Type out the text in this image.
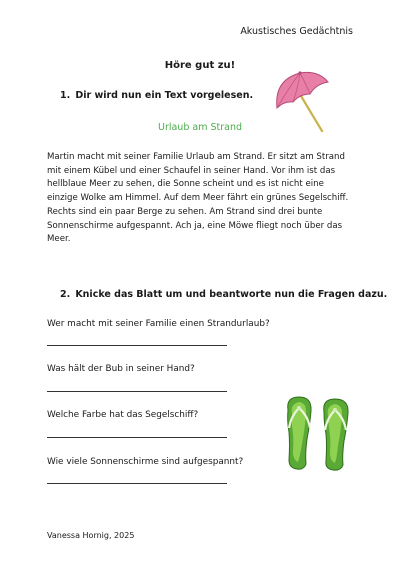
Akustisches Gedächtnis
Höre gut zu!
1. Dir wird nun ein Text vorgelesen.
Urlaub am Strand

Martin macht mit seiner Familie Urlaub am Strand. Er sitzt am Strand mit einem Kübel und einer Schaufel in seiner Hand. Vor ihm ist das hellblaue Meer zu sehen, die Sonne scheint und es ist nicht eine einzige Wolke am Himmel. Auf dem Meer fährt ein grünes Segelschiff. Rechts sind ein paar Berge zu sehen. Am Strand sind drei bunte Sonnenschirme aufgespannt. Ach ja, eine Möwe fliegt noch über das Meer.

2. Knicke das Blatt um und beantworte nun die Fragen dazu.
Wer macht mit seiner Familie einen Strandurlaub?
Was hält der Bub in seiner Hand?
Welche Farbe hat das Segelschiff?
Wie viele Sonnenschirme sind aufgespannt?
Vanessa Hornig, 2025
